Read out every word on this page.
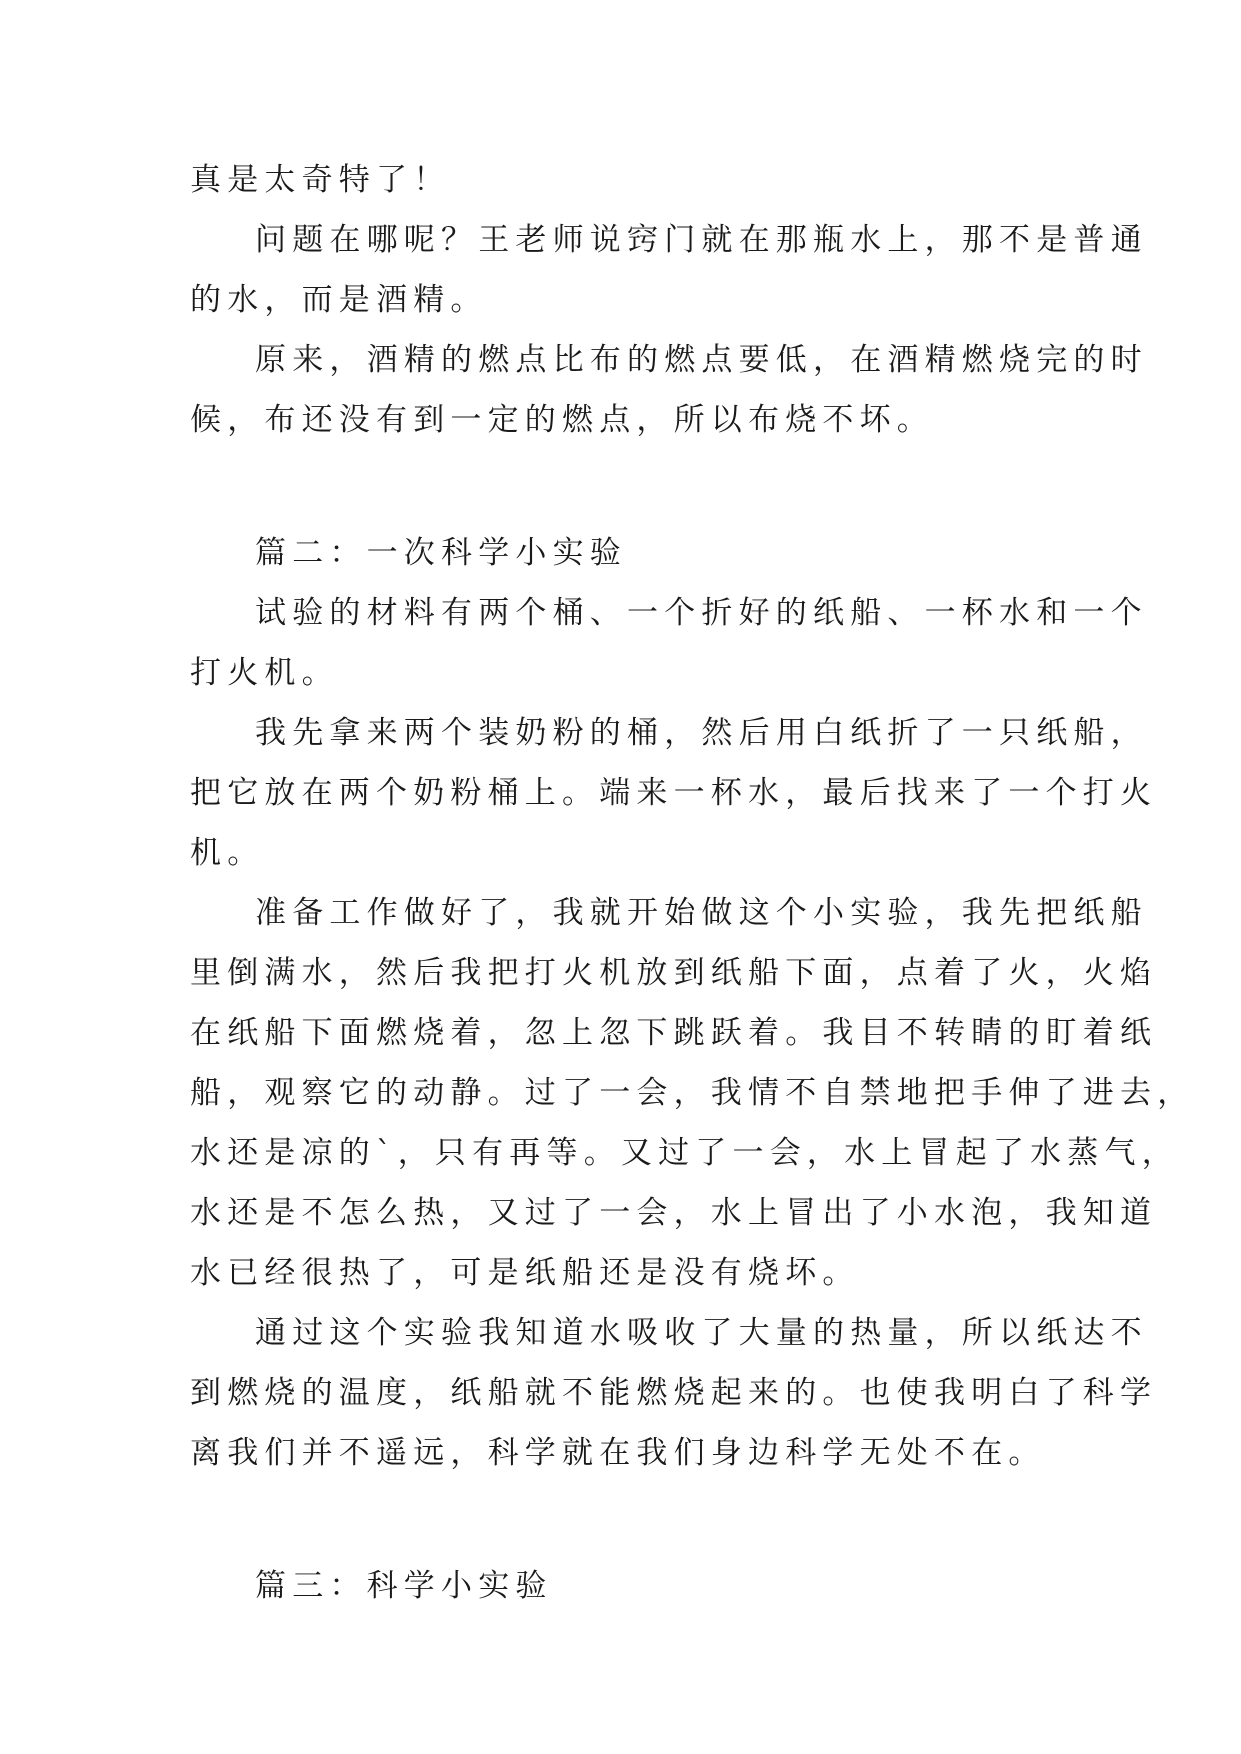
真是太奇特了！
问题在哪呢？王老师说窍门就在那瓶水上，那不是普通
的水，而是酒精。
原来，酒精的燃点比布的燃点要低，在酒精燃烧完的时
候，布还没有到一定的燃点，所以布烧不坏。
篇二：一次科学小实验
试验的材料有两个桶、一个折好的纸船、一杯水和一个
打火机。
我先拿来两个装奶粉的桶，然后用白纸折了一只纸船，
把它放在两个奶粉桶上。端来一杯水，最后找来了一个打火
机。
准备工作做好了，我就开始做这个小实验，我先把纸船
里倒满水，然后我把打火机放到纸船下面，点着了火，火焰
在纸船下面燃烧着，忽上忽下跳跃着。我目不转睛的盯着纸
船，观察它的动静。过了一会，我情不自禁地把手伸了进去，
水还是凉的`，只有再等。又过了一会，水上冒起了水蒸气，
水还是不怎么热，又过了一会，水上冒出了小水泡，我知道
水已经很热了，可是纸船还是没有烧坏。
通过这个实验我知道水吸收了大量的热量，所以纸达不
到燃烧的温度，纸船就不能燃烧起来的。也使我明白了科学
离我们并不遥远，科学就在我们身边科学无处不在。
篇三：科学小实验
